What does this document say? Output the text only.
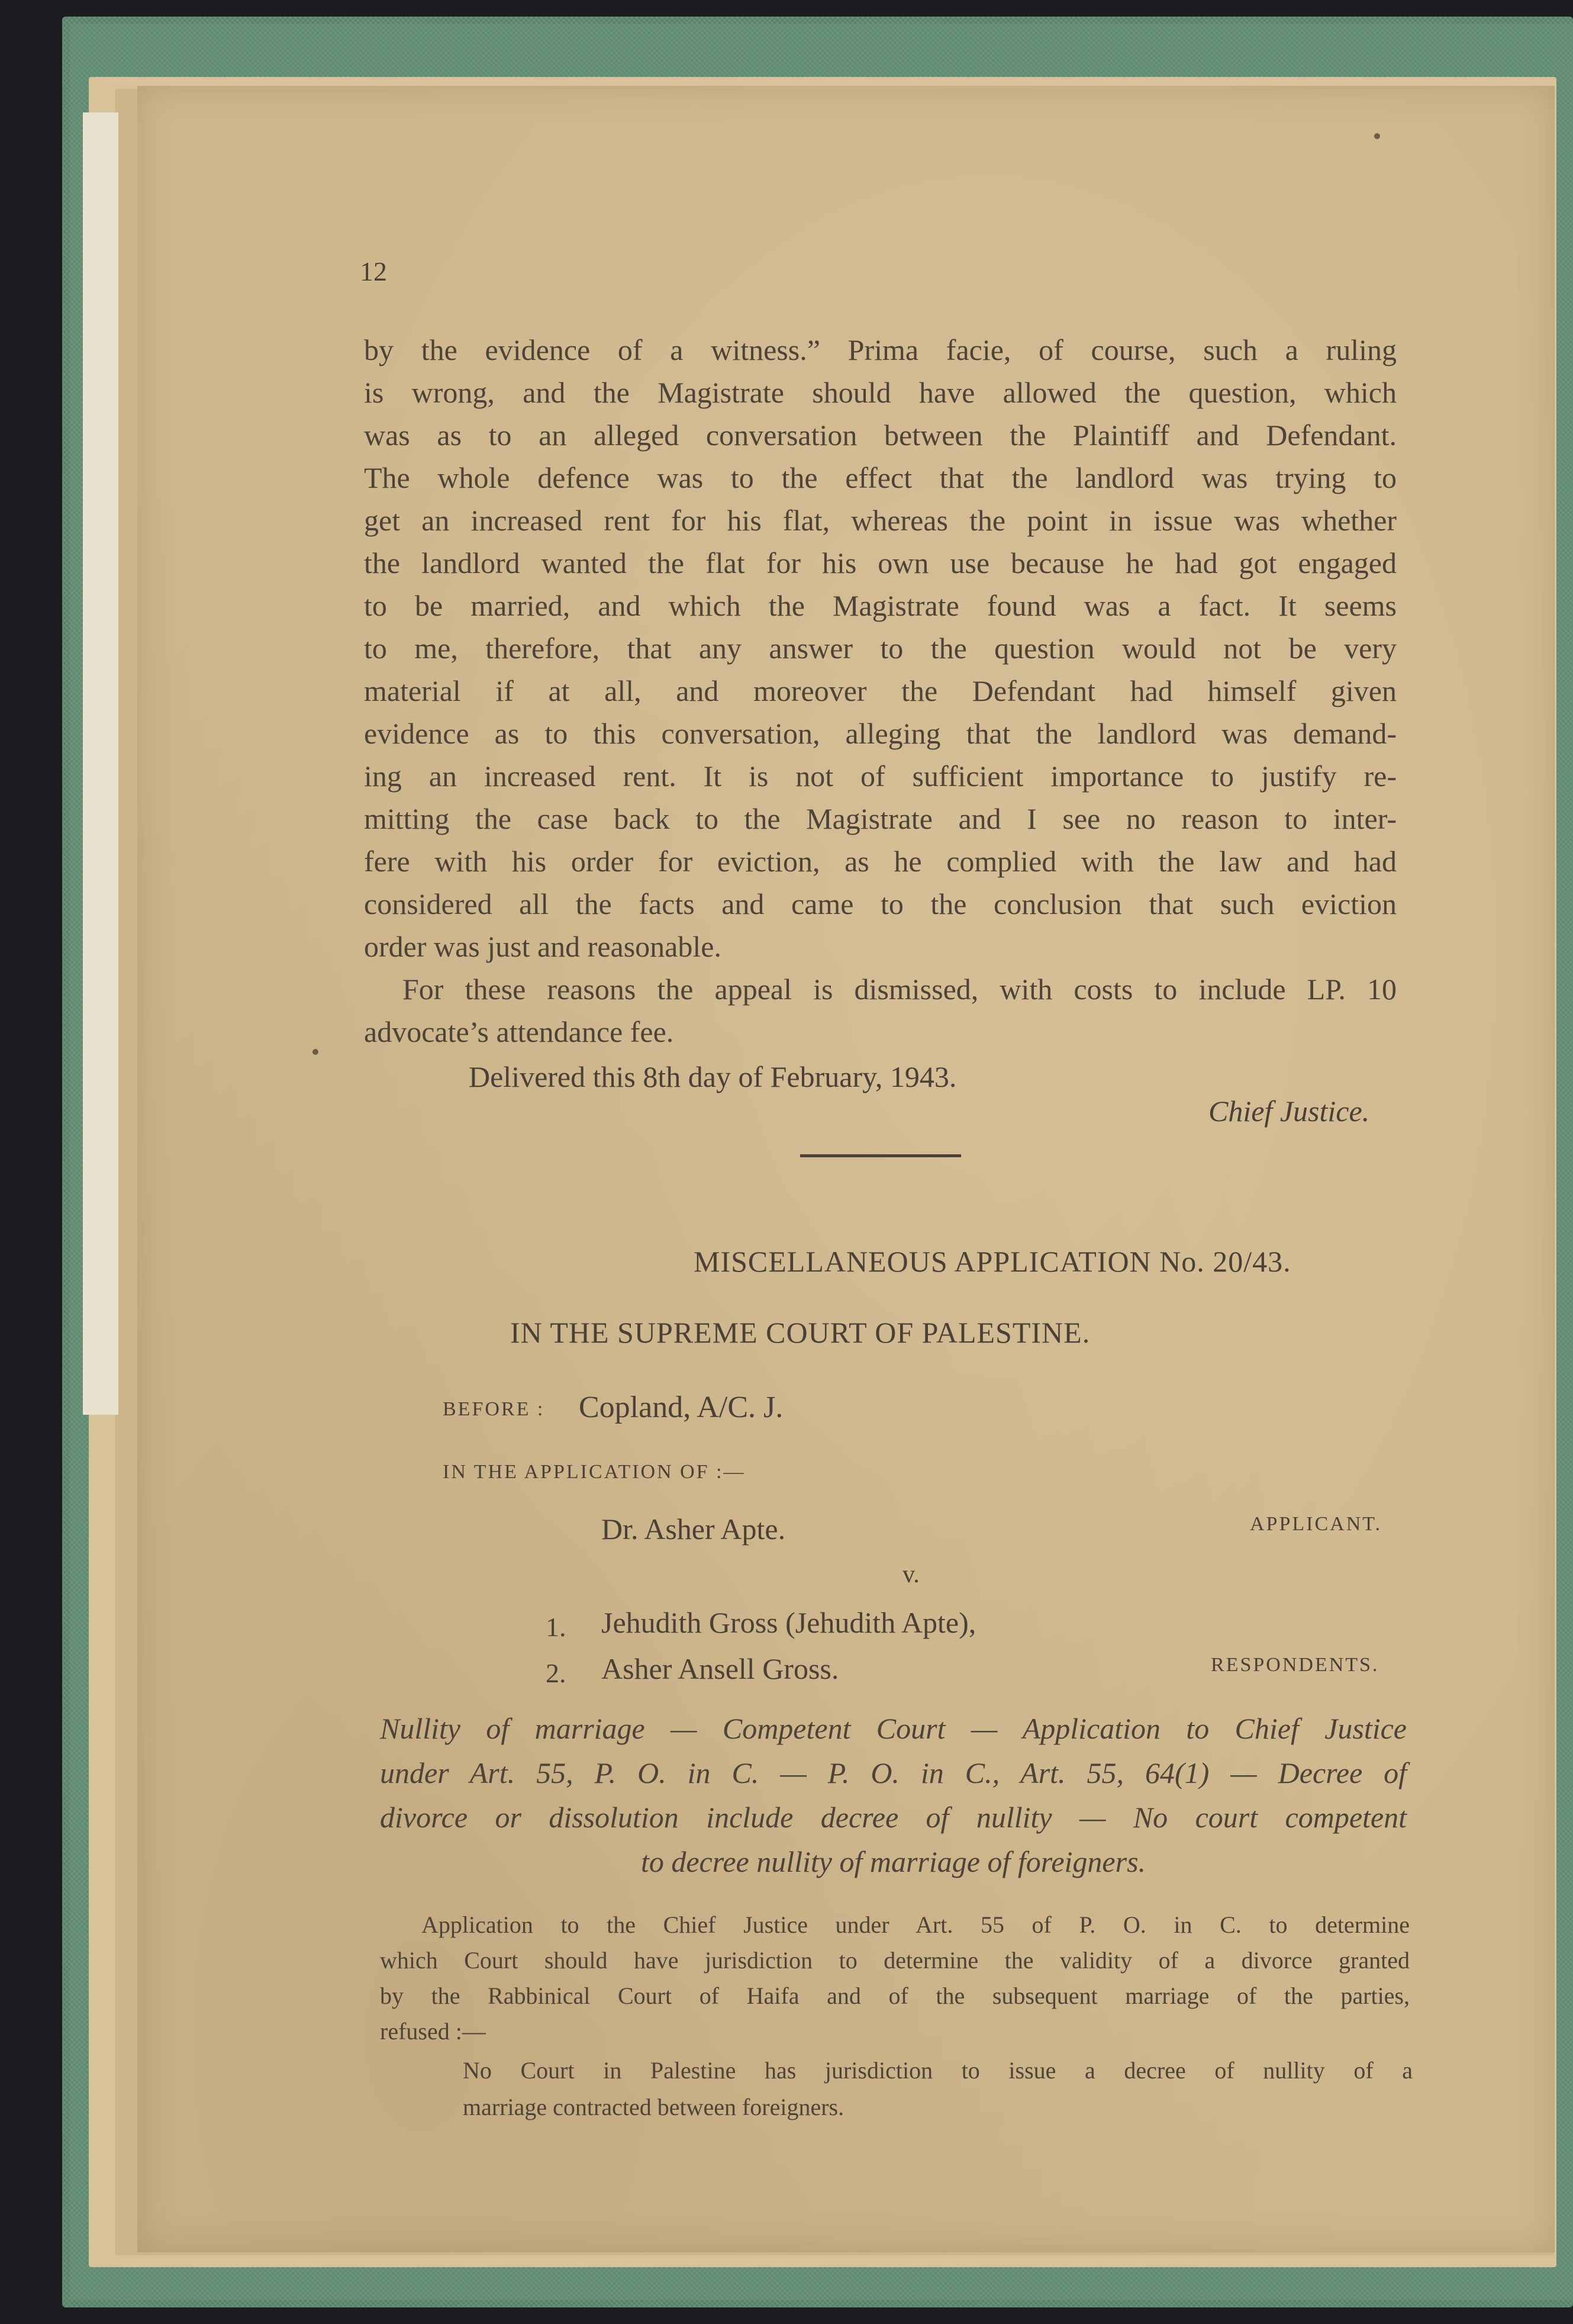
12
by the evidence of a witness.” Prima facie, of course, such a ruling
is wrong, and the Magistrate should have allowed the question, which
was as to an alleged conversation between the Plaintiff and Defendant.
The whole defence was to the effect that the landlord was trying to
get an increased rent for his flat, whereas the point in issue was whether
the landlord wanted the flat for his own use because he had got engaged
to be married, and which the Magistrate found was a fact. It seems
to me, therefore, that any answer to the question would not be very
material if at all, and moreover the Defendant had himself given
evidence as to this conversation, alleging that the landlord was demand-
ing an increased rent. It is not of sufficient importance to justify re-
mitting the case back to the Magistrate and I see no reason to inter-
fere with his order for eviction, as he complied with the law and had
considered all the facts and came to the conclusion that such eviction
order was just and reasonable.
For these reasons the appeal is dismissed, with costs to include LP. 10
advocate’s attendance fee.
Delivered this 8th day of February, 1943.
Chief Justice.
MISCELLANEOUS APPLICATION No. 20/43.
IN THE SUPREME COURT OF PALESTINE.
BEFORE : Copland, A/C. J.
IN THE APPLICATION OF :—
Dr. Asher Apte.	APPLICANT.
v.
1. Jehudith Gross (Jehudith Apte),
2. Asher Ansell Gross.	RESPONDENTS.
Nullity of marriage — Competent Court — Application to Chief Justice
under Art. 55, P. O. in C. — P. O. in C., Art. 55, 64(1) — Decree of
divorce or dissolution include decree of nullity — No court competent
to decree nullity of marriage of foreigners.
Application to the Chief Justice under Art. 55 of P. O. in C. to determine
which Court should have jurisdiction to determine the validity of a divorce granted
by the Rabbinical Court of Haifa and of the subsequent marriage of the parties,
refused :—
No Court in Palestine has jurisdiction to issue a decree of nullity of a
marriage contracted between foreigners.
